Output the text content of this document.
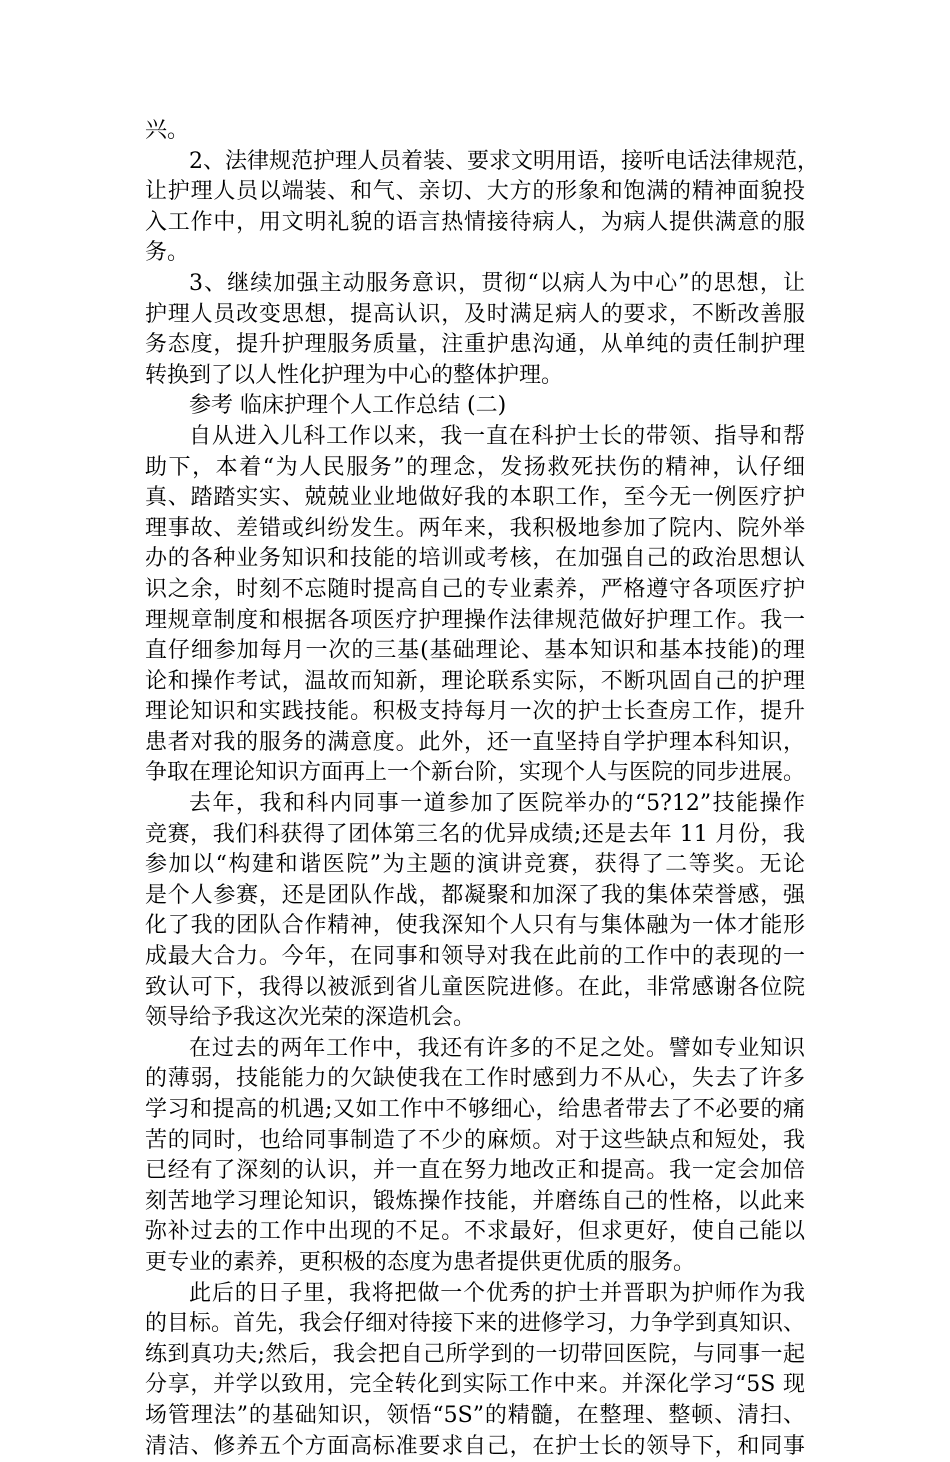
兴。
2、法律规范护理人员着装、要求文明用语，接听电话法律规范，
让护理人员以端装、和气、亲切、大方的形象和饱满的精神面貌投
入工作中，用文明礼貌的语言热情接待病人，为病人提供满意的服
务。
3、继续加强主动服务意识，贯彻“以病人为中心”的思想，让
护理人员改变思想，提高认识，及时满足病人的要求，不断改善服
务态度，提升护理服务质量，注重护患沟通，从单纯的责任制护理
转换到了以人性化护理为中心的整体护理。
参考 临床护理个人工作总结 (二)
自从进入儿科工作以来，我一直在科护士长的带领、指导和帮
助下，本着“为人民服务”的理念，发扬救死扶伤的精神，认仔细
真、踏踏实实、兢兢业业地做好我的本职工作，至今无一例医疗护
理事故、差错或纠纷发生。两年来，我积极地参加了院内、院外举
办的各种业务知识和技能的培训或考核，在加强自己的政治思想认
识之余，时刻不忘随时提高自己的专业素养，严格遵守各项医疗护
理规章制度和根据各项医疗护理操作法律规范做好护理工作。我一
直仔细参加每月一次的三基(基础理论、基本知识和基本技能)的理
论和操作考试，温故而知新，理论联系实际，不断巩固自己的护理
理论知识和实践技能。积极支持每月一次的护士长查房工作，提升
患者对我的服务的满意度。此外，还一直坚持自学护理本科知识，
争取在理论知识方面再上一个新台阶，实现个人与医院的同步进展。
去年，我和科内同事一道参加了医院举办的“5?12”技能操作
竞赛，我们科获得了团体第三名的优异成绩;还是去年 11 月份，我
参加以“构建和谐医院”为主题的演讲竞赛，获得了二等奖。无论
是个人参赛，还是团队作战，都凝聚和加深了我的集体荣誉感，强
化了我的团队合作精神，使我深知个人只有与集体融为一体才能形
成最大合力。今年，在同事和领导对我在此前的工作中的表现的一
致认可下，我得以被派到省儿童医院进修。在此，非常感谢各位院
领导给予我这次光荣的深造机会。
在过去的两年工作中，我还有许多的不足之处。譬如专业知识
的薄弱，技能能力的欠缺使我在工作时感到力不从心，失去了许多
学习和提高的机遇;又如工作中不够细心，给患者带去了不必要的痛
苦的同时，也给同事制造了不少的麻烦。对于这些缺点和短处，我
已经有了深刻的认识，并一直在努力地改正和提高。我一定会加倍
刻苦地学习理论知识，锻炼操作技能，并磨练自己的性格，以此来
弥补过去的工作中出现的不足。不求最好，但求更好，使自己能以
更专业的素养，更积极的态度为患者提供更优质的服务。
此后的日子里，我将把做一个优秀的护士并晋职为护师作为我
的目标。首先，我会仔细对待接下来的进修学习，力争学到真知识、
练到真功夫;然后，我会把自己所学到的一切带回医院，与同事一起
分享，并学以致用，完全转化到实际工作中来。并深化学习“5S 现
场管理法”的基础知识，领悟“5S”的精髓，在整理、整顿、清扫、
清洁、修养五个方面高标准要求自己，在护士长的领导下，和同事
